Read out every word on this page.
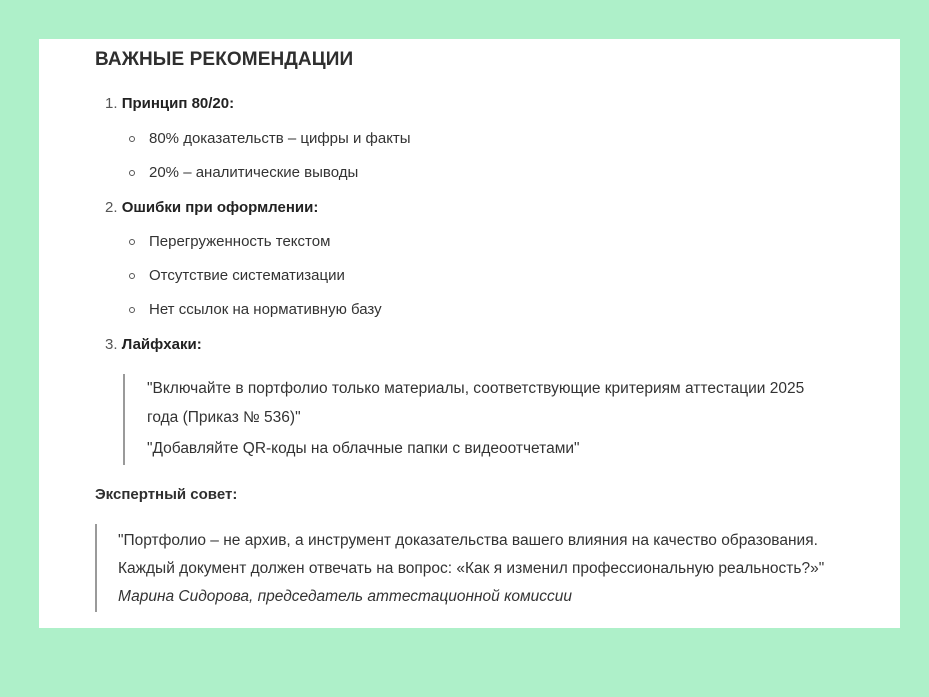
ВАЖНЫЕ РЕКОМЕНДАЦИИ
1. Принцип 80/20:
80% доказательств – цифры и факты
20% – аналитические выводы
2. Ошибки при оформлении:
Перегруженность текстом
Отсутствие систематизации
Нет ссылок на нормативную базу
3. Лайфхаки:
"Включайте в портфолио только материалы, соответствующие критериям аттестации 2025
года (Приказ № 536)"
"Добавляйте QR-коды на облачные папки с видеоотчетами"
Экспертный совет:
"Портфолио – не архив, а инструмент доказательства вашего влияния на качество образования.
Каждый документ должен отвечать на вопрос: «Как я изменил профессиональную реальность?»"
Марина Сидорова, председатель аттестационной комиссии
